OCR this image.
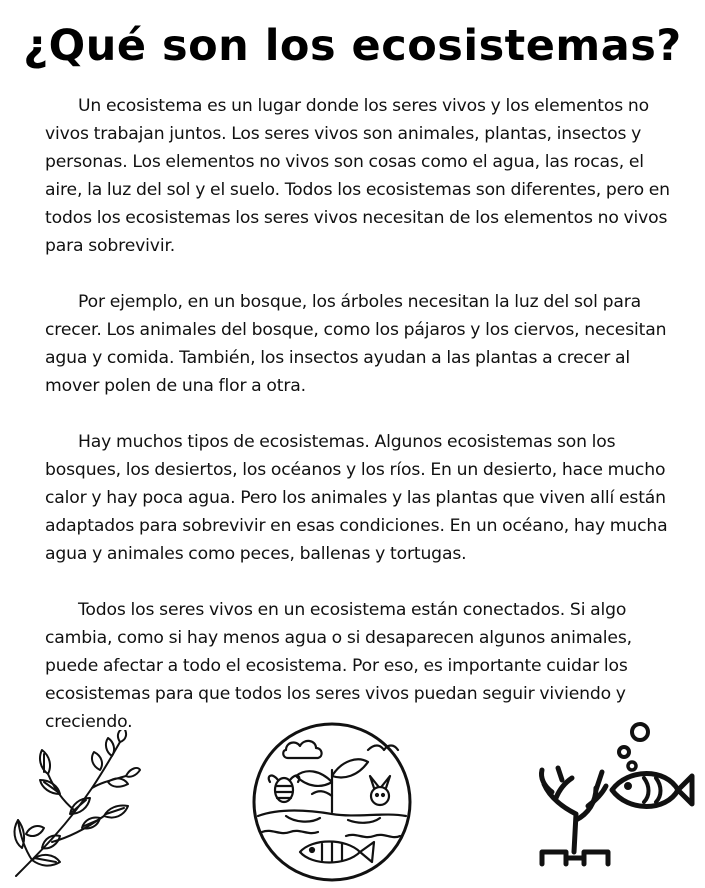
¿Qué son los ecosistemas?

Un ecosistema es un lugar donde los seres vivos y los elementos no vivos trabajan juntos. Los seres vivos son animales, plantas, insectos y personas. Los elementos no vivos son cosas como el agua, las rocas, el aire, la luz del sol y el suelo. Todos los ecosistemas son diferentes, pero en todos los ecosistemas los seres vivos necesitan de los elementos no vivos para sobrevivir.

Por ejemplo, en un bosque, los árboles necesitan la luz del sol para crecer. Los animales del bosque, como los pájaros y los ciervos, necesitan agua y comida. También, los insectos ayudan a las plantas a crecer al mover polen de una flor a otra.

Hay muchos tipos de ecosistemas. Algunos ecosistemas son los bosques, los desiertos, los océanos y los ríos. En un desierto, hace mucho calor y hay poca agua. Pero los animales y las plantas que viven allí están adaptados para sobrevivir en esas condiciones. En un océano, hay mucha agua y animales como peces, ballenas y tortugas.

Todos los seres vivos en un ecosistema están conectados. Si algo cambia, como si hay menos agua o si desaparecen algunos animales, puede afectar a todo el ecosistema. Por eso, es importante cuidar los ecosistemas para que todos los seres vivos puedan seguir viviendo y creciendo.
